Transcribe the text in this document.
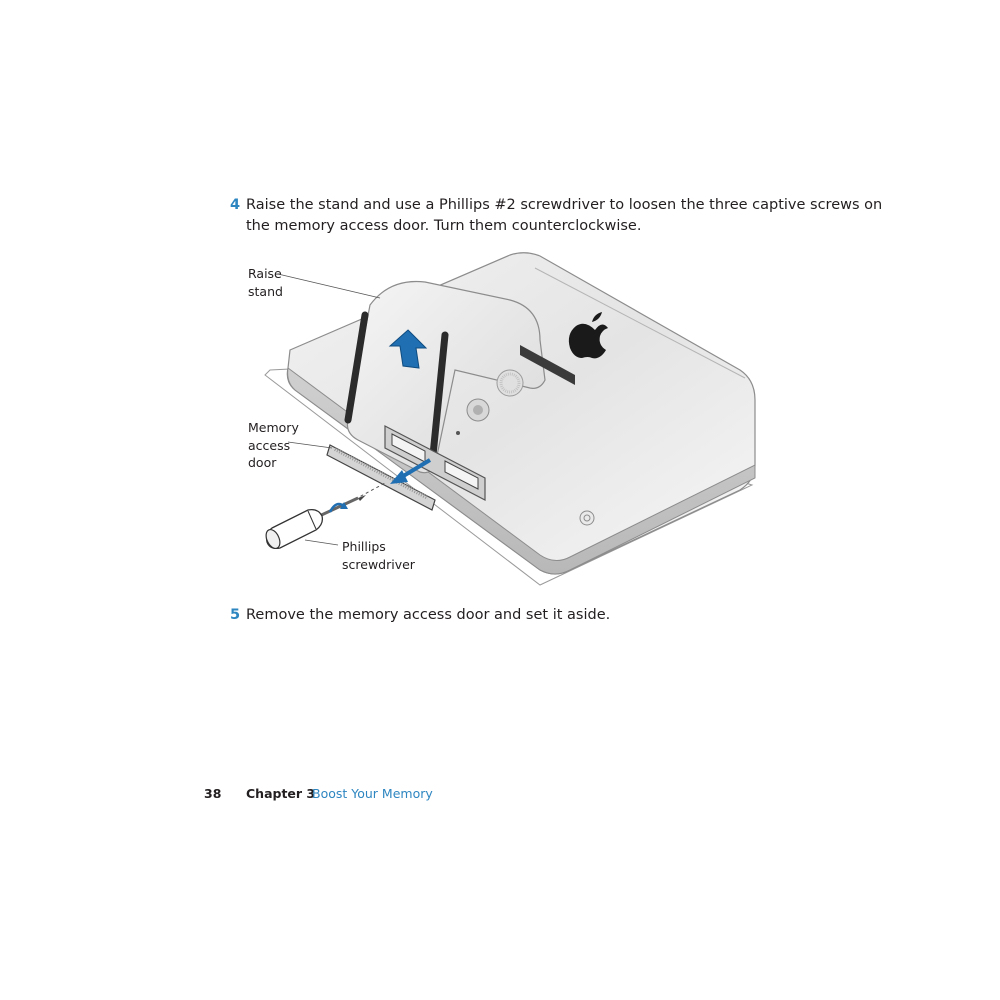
4 Raise the stand and use a Phillips #2 screwdriver to loosen the three captive screws on
the memory access door. Turn them counterclockwise.
Raise
stand
Memory
access
door
Phillips
screwdriver
5 Remove the memory access door and set it aside.
38 Chapter 3
Boost Your Memory
